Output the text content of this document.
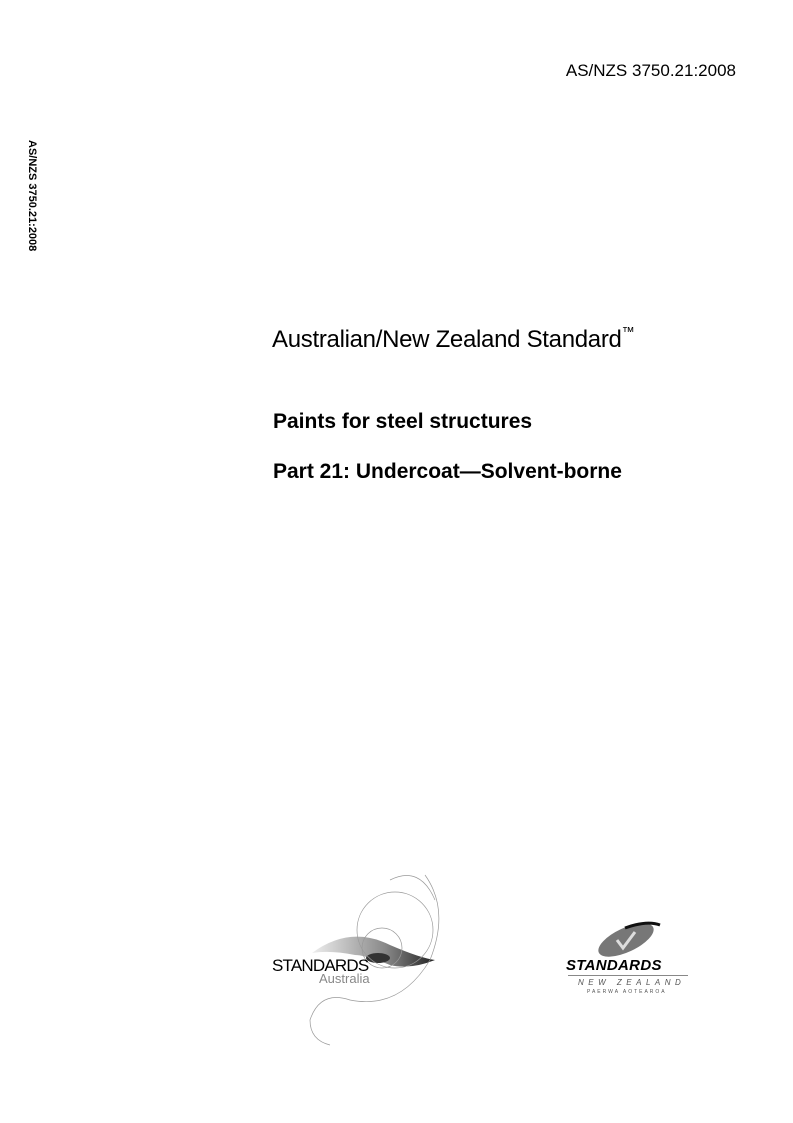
AS/NZS 3750.21:2008
AS/NZS 3750.21:2008
Australian/New Zealand Standard™
Paints for steel structures
Part 21: Undercoat—Solvent-borne
STANDARDS
Australia
STANDARDS
NEW ZEALAND
PAERWA AOTEAROA
